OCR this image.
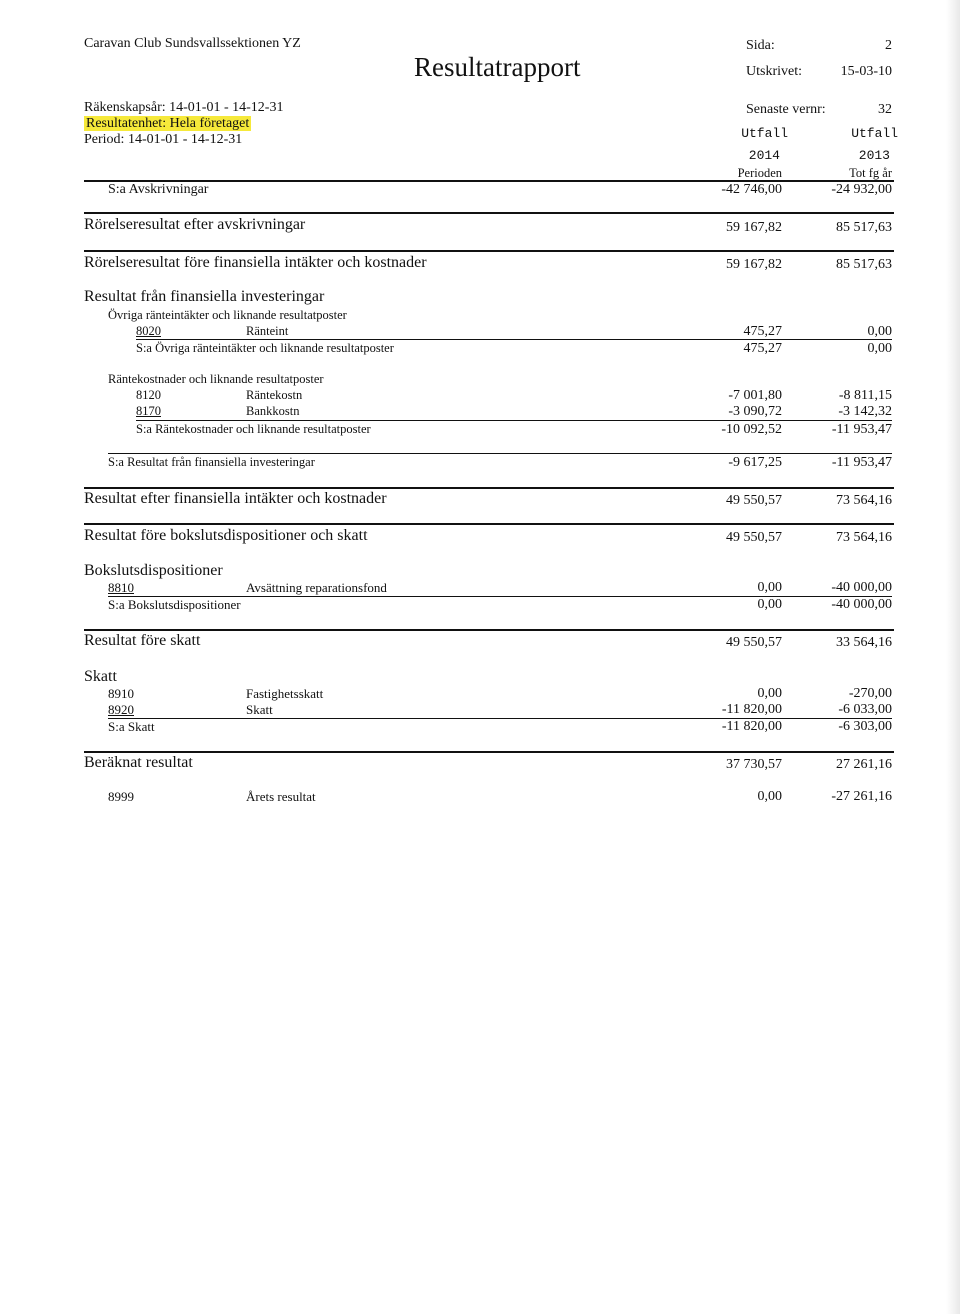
Caravan Club Sundsvallssektionen YZ
Resultatrapport
Sida:	2
Utskrivet:	15-03-10
Räkenskapsår: 14-01-01 - 14-12-31
Resultatenhet: Hela företaget
Period: 14-01-01 - 14-12-31
Senaste vernr:	32
Utfall	Utfall
2014	2013
Perioden	Tot fg år
S:a Avskrivningar	-42 746,00	-24 932,00
Rörelseresultat efter avskrivningar	59 167,82	85 517,63
Rörelseresultat före finansiella intäkter och kostnader	59 167,82	85 517,63
Resultat från finansiella investeringar
Övriga ränteintäkter och liknande resultatposter
8020	Ränteint	475,27	0,00
S:a Övriga ränteintäkter och liknande resultatposter	475,27	0,00
Räntekostnader och liknande resultatposter
8120	Räntekostn	-7 001,80	-8 811,15
8170	Bankkostn	-3 090,72	-3 142,32
S:a Räntekostnader och liknande resultatposter	-10 092,52	-11 953,47
S:a Resultat från finansiella investeringar	-9 617,25	-11 953,47
Resultat efter finansiella intäkter och kostnader	49 550,57	73 564,16
Resultat före bokslutsdispositioner och skatt	49 550,57	73 564,16
Bokslutsdispositioner
8810	Avsättning reparationsfond	0,00	-40 000,00
S:a Bokslutsdispositioner	0,00	-40 000,00
Resultat före skatt	49 550,57	33 564,16
Skatt
8910	Fastighetsskatt	0,00	-270,00
8920	Skatt	-11 820,00	-6 033,00
S:a Skatt	-11 820,00	-6 303,00
Beräknat resultat	37 730,57	27 261,16
8999	Årets resultat	0,00	-27 261,16
